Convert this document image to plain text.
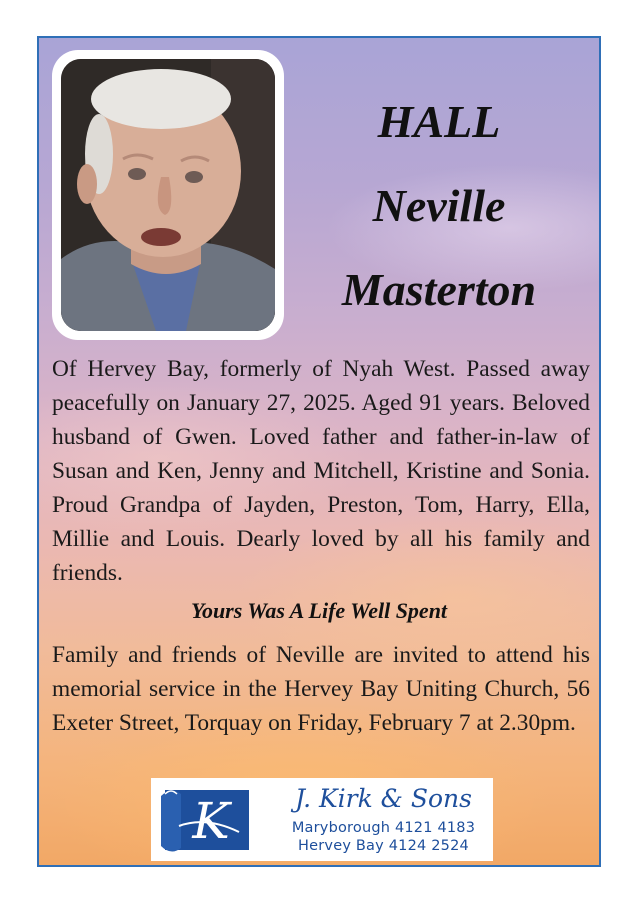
HALL
Neville
Masterton

Of Hervey Bay, formerly of Nyah West. Passed away peacefully on January 27, 2025. Aged 91 years. Beloved husband of Gwen. Loved father and father-in-law of Susan and Ken, Jenny and Mitchell, Kristine and Sonia. Proud Grandpa of Jayden, Preston, Tom, Harry, Ella, Millie and Louis. Dearly loved by all his family and friends.

Yours Was A Life Well Spent

Family and friends of Neville are invited to attend his memorial service in the Hervey Bay Uniting Church, 56 Exeter Street, Torquay on Friday, February 7 at 2.30pm.

K	J. Kirk & Sons
Maryborough 4121 4183
Hervey Bay 4124 2524
